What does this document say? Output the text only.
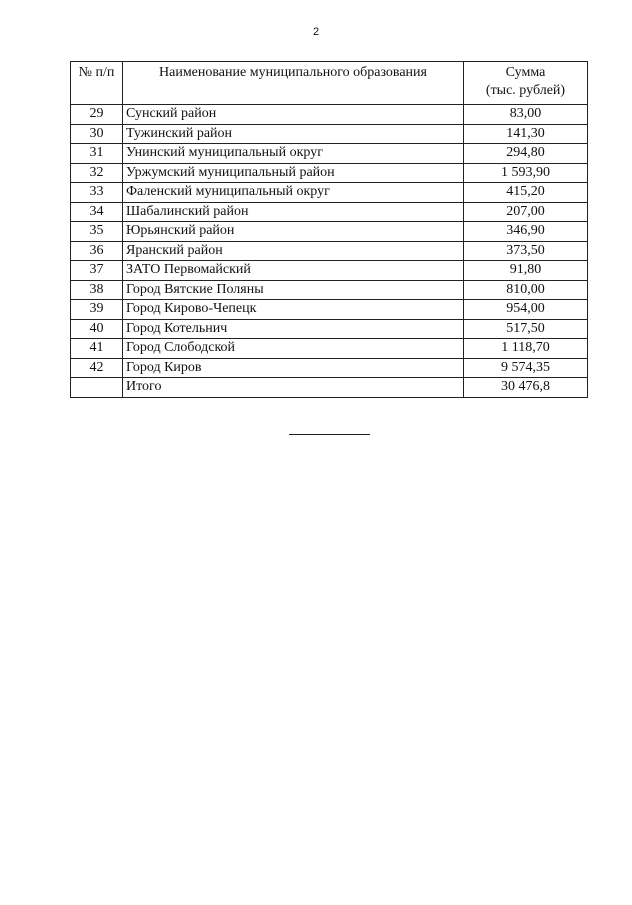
2
№ п/п	Наименование муниципального образования	Сумма
(тыс. рублей)
29	Сунский район	83,00
30	Тужинский район	141,30
31	Унинский муниципальный округ	294,80
32	Уржумский муниципальный район	1 593,90
33	Фаленский муниципальный округ	415,20
34	Шабалинский район	207,00
35	Юрьянский район	346,90
36	Яранский район	373,50
37	ЗАТО Первомайский	91,80
38	Город Вятские Поляны	810,00
39	Город Кирово-Чепецк	954,00
40	Город Котельнич	517,50
41	Город Слободской	1 118,70
42	Город Киров	9 574,35
	Итого	30 476,8
